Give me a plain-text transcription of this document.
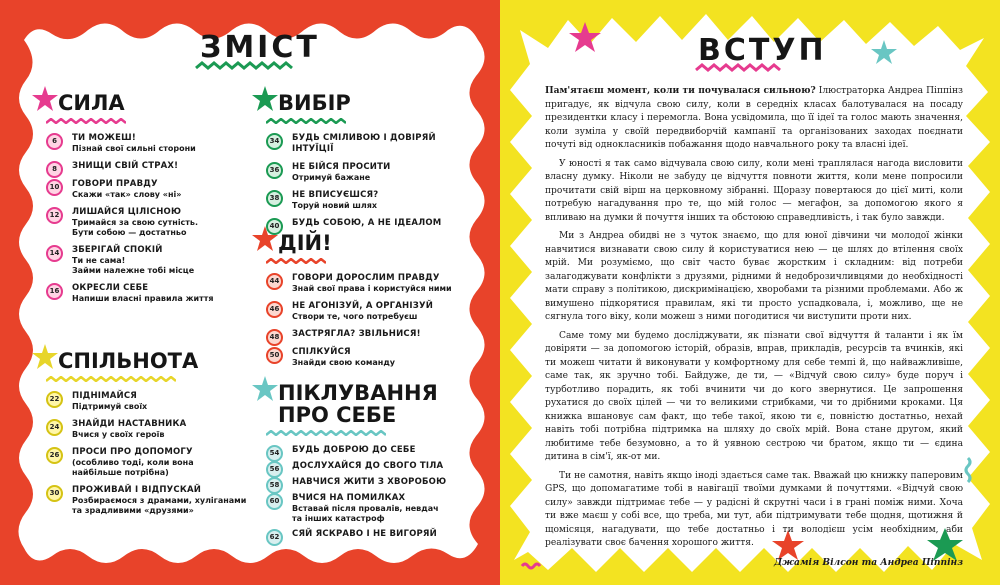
ЗМІСТ	ВСТУП
СИЛА
6	ТИ МОЖЕШ!
Пізнай свої сильні сторони
8	ЗНИЩИ СВІЙ СТРАХ!
10	ГОВОРИ ПРАВДУ
Скажи «так» слову «ні»
12	ЛИШАЙСЯ ЦІЛІСНОЮ
Тримайся за свою сутність.
Бути собою — достатньо
14	ЗБЕРІГАЙ СПОКІЙ
Ти не сама!
Займи належне тобі місце
16	ОКРЕСЛИ СЕБЕ
Напиши власні правила життя
СПІЛЬНОТА
22	ПІДНІМАЙСЯ
Підтримуй своїх
24	ЗНАЙДИ НАСТАВНИКА
Вчися у своїх героїв
26	ПРОСИ ПРО ДОПОМОГУ
(особливо тоді, коли вона
найбільше потрібна)
30	ПРОЖИВАЙ І ВІДПУСКАЙ
Розбираємося з драмами, хуліганами
та зрадливими «друзями»
ВИБІР
34	БУДЬ СМІЛИВОЮ І ДОВІРЯЙ ІНТУЇЦІЇ
36	НЕ БІЙСЯ ПРОСИТИ
Отримуй бажане
38	НЕ ВПИСУЄШСЯ?
Торуй новий шлях
40	БУДЬ СОБОЮ, А НЕ ІДЕАЛОМ
ДІЙ!
44	ГОВОРИ ДОРОСЛИМ ПРАВДУ
Знай свої права і користуйся ними
46	НЕ АГОНІЗУЙ, А ОРГАНІЗУЙ
Створи те, чого потребуєш
48	ЗАСТРЯГЛА? ЗВІЛЬНИСЯ!
50	СПІЛКУЙСЯ
Знайди свою команду
ПІКЛУВАННЯ ПРО СЕБЕ
54	БУДЬ ДОБРОЮ ДО СЕБЕ
56	ДОСЛУХАЙСЯ ДО СВОГО ТІЛА
58	НАВЧИСЯ ЖИТИ З ХВОРОБОЮ
60	ВЧИСЯ НА ПОМИЛКАХ
Вставай після провалів, невдач
та інших катастроф
62	СЯЙ ЯСКРАВО І НЕ ВИГОРЯЙ

Пам'ятаєш момент, коли ти почувалася сильною? Ілюстраторка Андреа Піппінз пригадує, як відчула свою силу, коли в середніх класах балотувалася на посаду президентки класу і перемогла. Вона усвідомила, що її ідеї та голос мають значення, коли зуміла у своїй передвиборчій кампанії та організованих заходах поєднати почуті від однокласників побажання щодо навчального року та власні ідеї.

У юності я так само відчувала свою силу, коли мені траплялася нагода висловити власну думку. Ніколи не забуду це відчуття повноти життя, коли мене попросили прочитати свій вірш на церковному зібранні. Щоразу повертаюся до цієї миті, коли потребую нагадування про те, що мій голос — мегафон, за допомогою якого я впливаю на думки й почуття інших та обстоюю справедливість, і так було завжди.

Ми з Андреа обидві не з чуток знаємо, що для юної дівчини чи молодої жінки навчитися визнавати свою силу й користуватися нею — це шлях до втілення своїх мрій. Ми розуміємо, що світ часто буває жорстким і складним: від потреби залагоджувати конфлікти з друзями, рідними й недоброзичливцями до необхідності мати справу з політикою, дискримінацією, хворобами та різними проблемами. Або ж вимушено підкорятися правилам, які ти просто успадковала, і, можливо, ще не сягнула того віку, коли можеш з ними погодитися чи виступити проти них.

Саме тому ми будемо досліджувати, як пізнати свої відчуття й таланти і як їм довіряти — за допомогою історій, образів, вправ, прикладів, ресурсів та вчинків, які ти можеш читати й виконувати у комфортному для себе темпі й, що найважливіше, саме так, як зручно тобі. Байдуже, де ти, — «Відчуй свою силу» буде поруч і турботливо порадить, як тобі вчинити чи до кого звернутися. Це запрошення рухатися до своїх цілей — чи то великими стрибками, чи то дрібними кроками. Ця книжка вшановує сам факт, що тебе такої, якою ти є, повністю достатньо, нехай навіть тобі потрібна підтримка на шляху до своїх мрій. Вона стане другом, який любитиме тебе безумовно, а то й уявною сестрою чи братом, якщо ти — єдина дитина в сім'ї, як-от ми.

Ти не самотня, навіть якщо іноді здається саме так. Вважай цю книжку паперовим GPS, що допомагатиме тобі в навігації твоїми думками й почуттями. «Відчуй свою силу» завжди підтримає тебе — у радісні й скрутні часи і в грані поміж ними. Хоча ти вже маєш у собі все, що треба, ми тут, аби підтримувати тебе щодня, щотижня й щомісяця, нагадувати, що тебе достатньо і ти володієш усім необхідним, аби реалізувати своє бачення хорошого життя.

Джамія Вілсон та Андреа Піппінз
